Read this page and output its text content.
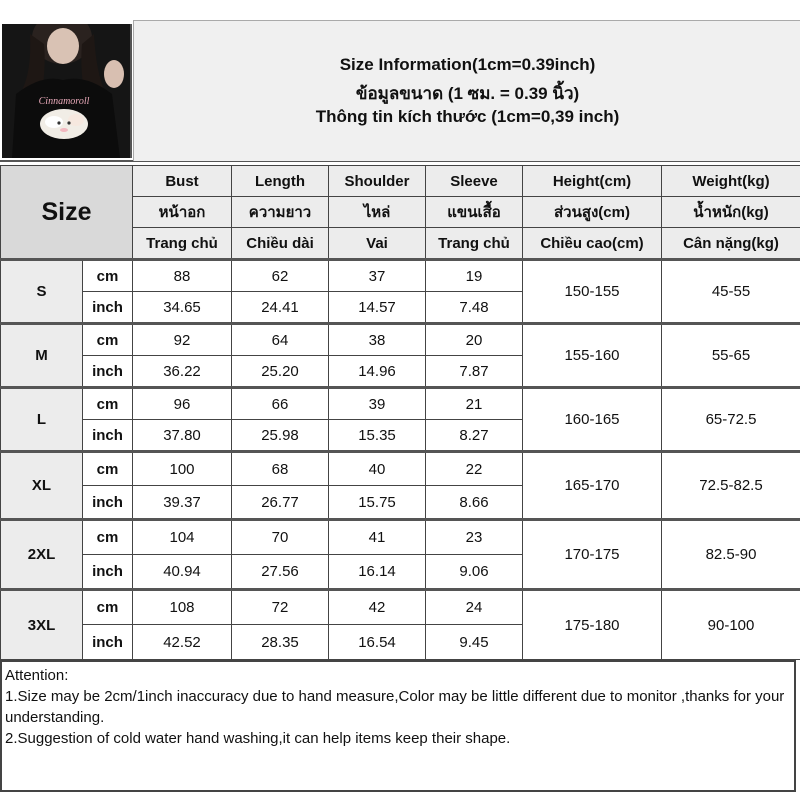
Cinnamoroll
Size Information(1cm=0.39inch)
ข้อมูลขนาด (1 ซม. = 0.39 นิ้ว)
Thông tin kích thước (1cm=0,39 inch)
Size		Bust	Length	Shoulder	Sleeve	Height(cm)	Weight(kg)
		หน้าอก	ความยาว	ไหล่	แขนเสื้อ	ส่วนสูง(cm)	น้ำหนัก(kg)
		Trang chủ	Chiều dài	Vai	Trang chủ	Chiều cao(cm)	Cân nặng(kg)
S	cm	88	62	37	19	150-155	45-55
	inch	34.65	24.41	14.57	7.48		
M	cm	92	64	38	20	155-160	55-65
	inch	36.22	25.20	14.96	7.87		
L	cm	96	66	39	21	160-165	65-72.5
	inch	37.80	25.98	15.35	8.27		
XL	cm	100	68	40	22	165-170	72.5-82.5
	inch	39.37	26.77	15.75	8.66		
2XL	cm	104	70	41	23	170-175	82.5-90
	inch	40.94	27.56	16.14	9.06		
3XL	cm	108	72	42	24	175-180	90-100
	inch	42.52	28.35	16.54	9.45		

Attention:

1.Size may be 2cm/1inch inaccuracy due to hand measure,Color may be little different due to monitor ,thanks for your understanding.

2.Suggestion of cold water hand washing,it can help items keep their shape.
